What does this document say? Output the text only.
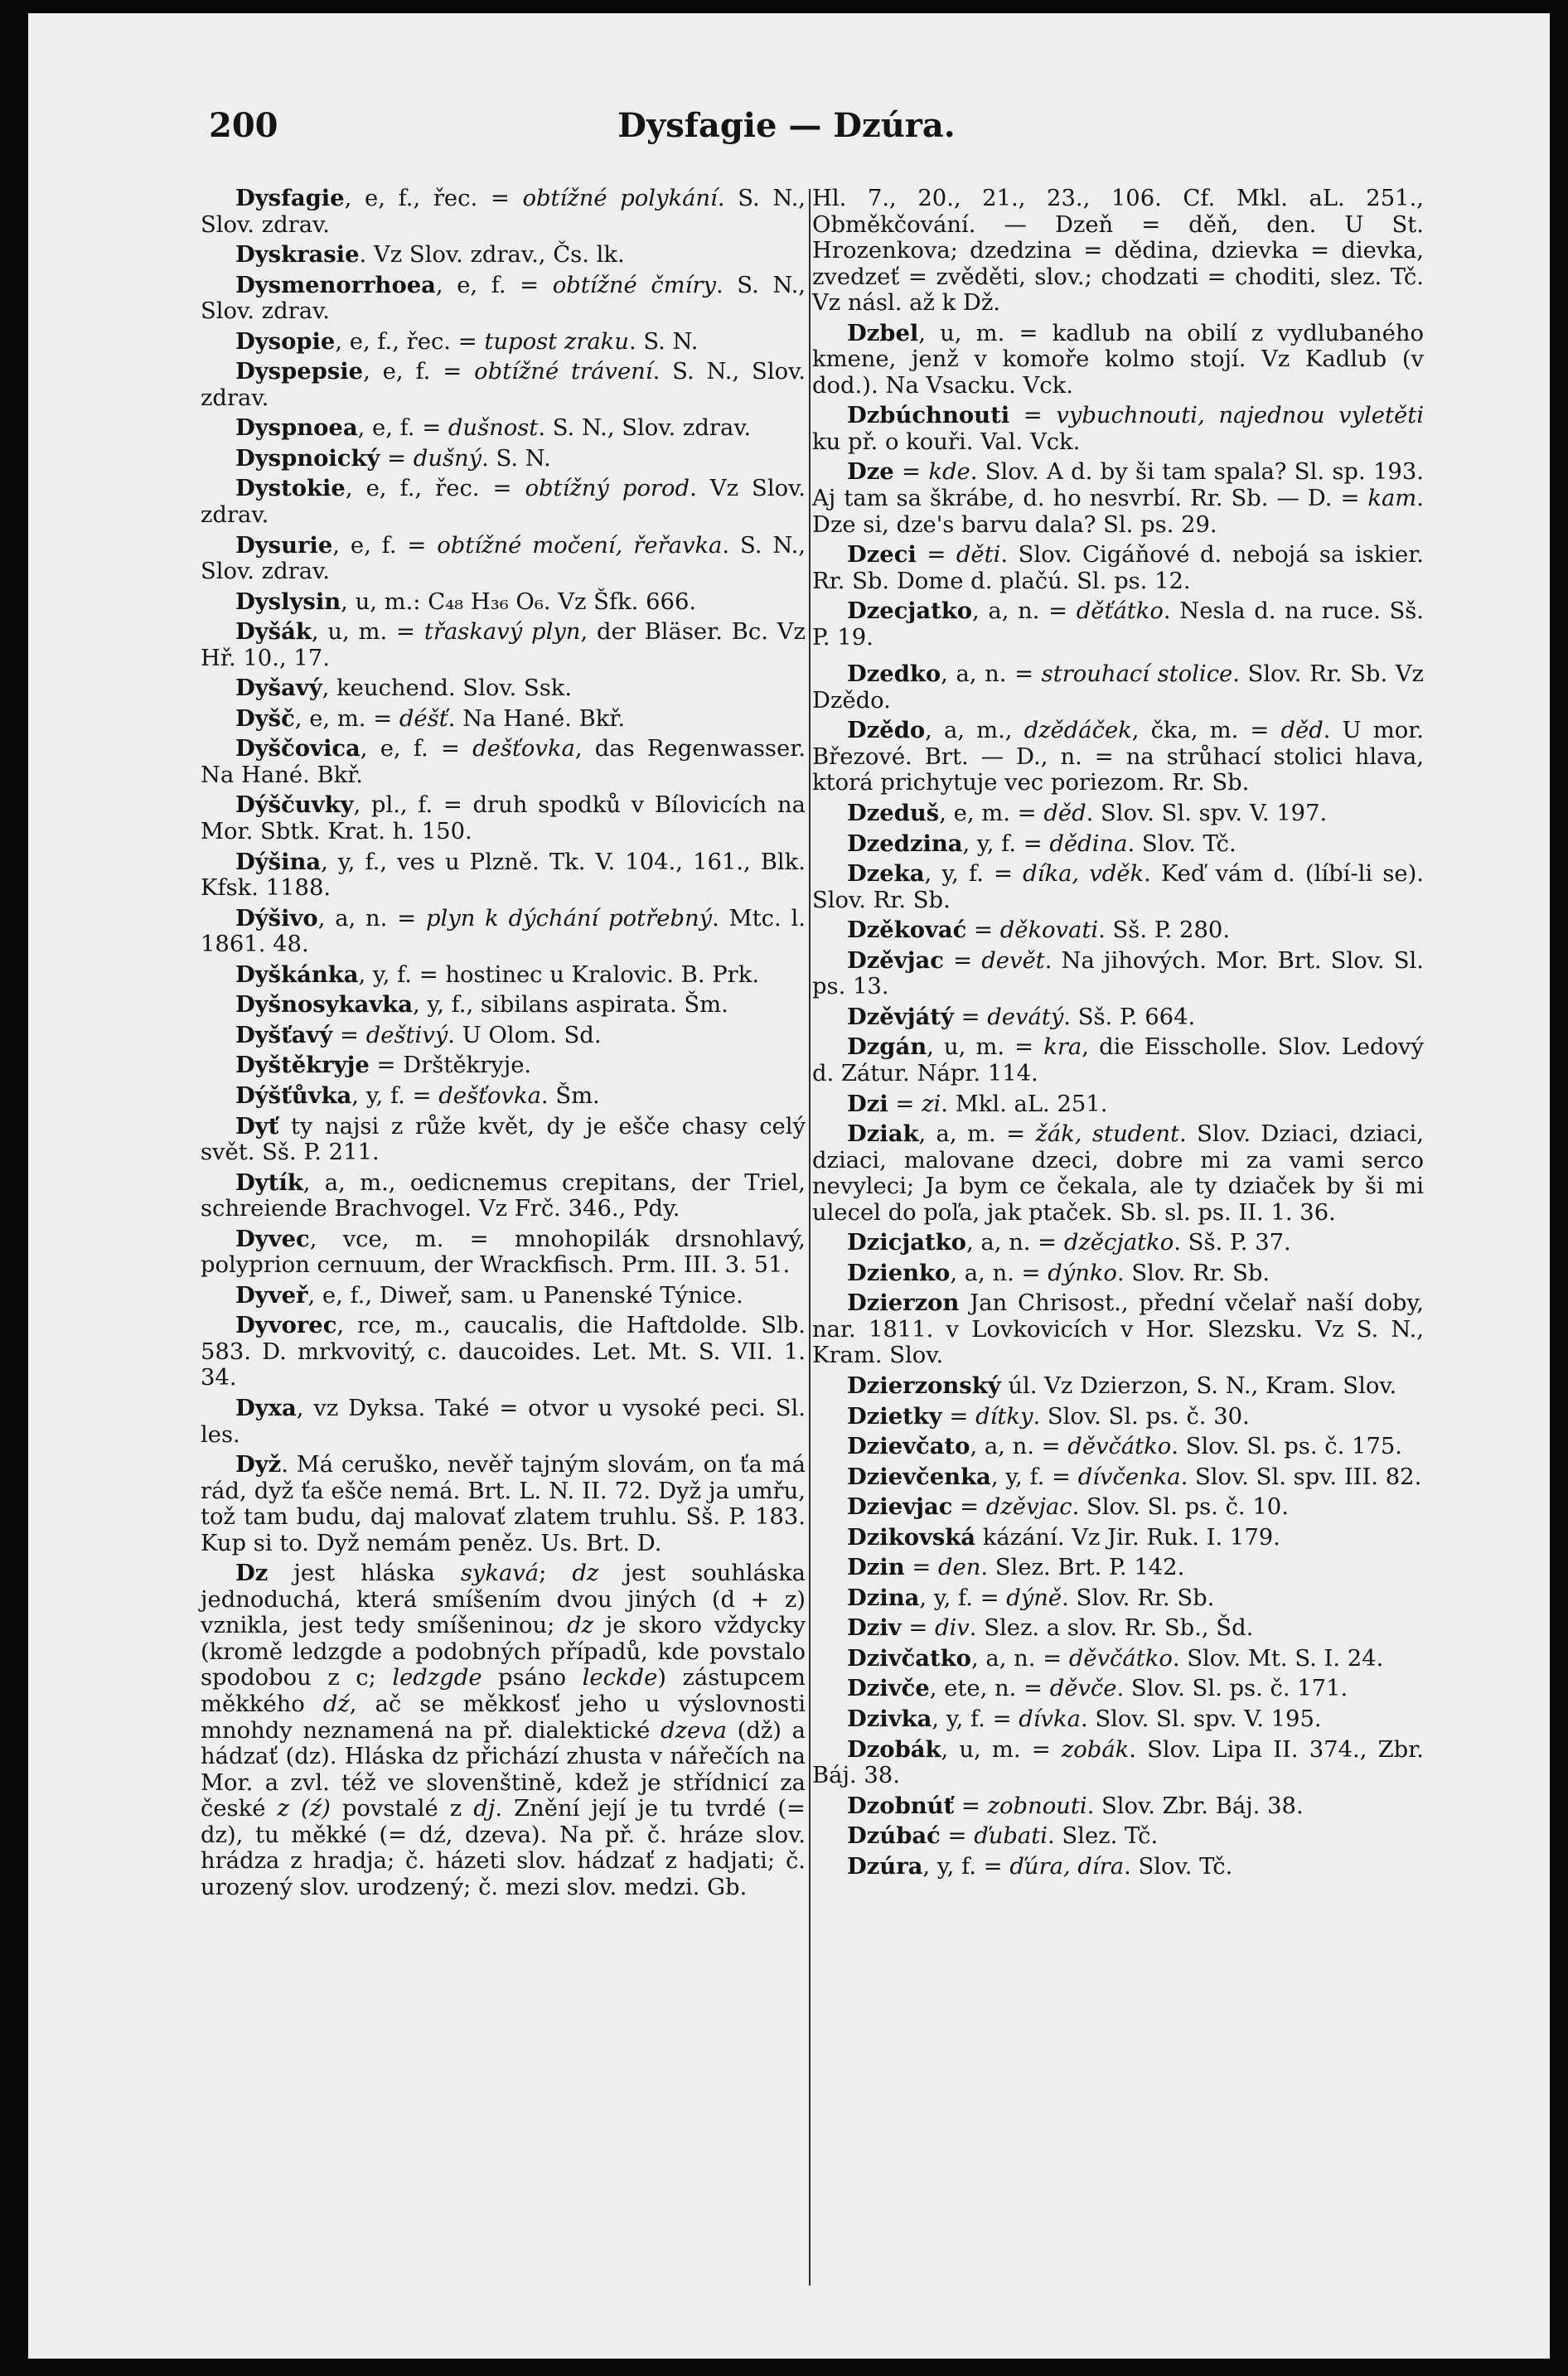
200	Dysfagie — Dzúra.

Dysfagie, e, f., řec. = obtížné polykání. S. N., Slov. zdrav.

Dyskrasie. Vz Slov. zdrav., Čs. lk.

Dysmenorrhoea, e, f. = obtížné čmíry. S. N., Slov. zdrav.

Dysopie, e, f., řec. = tupost zraku. S. N.

Dyspepsie, e, f. = obtížné trávení. S. N., Slov. zdrav.

Dyspnoea, e, f. = dušnost. S. N., Slov. zdrav.

Dyspnoický = dušný. S. N.

Dystokie, e, f., řec. = obtížný porod. Vz Slov. zdrav.

Dysurie, e, f. = obtížné močení, řeřavka. S. N., Slov. zdrav.

Dyslysin, u, m.: C₄₈ H₃₆ O₆. Vz Šfk. 666.

Dyšák, u, m. = třaskavý plyn, der Bläser. Bc. Vz Hř. 10., 17.

Dyšavý, keuchend. Slov. Ssk.

Dyšč, e, m. = déšť. Na Hané. Bkř.

Dyščovica, e, f. = dešťovka, das Regenwasser. Na Hané. Bkř.

Dýščuvky, pl., f. = druh spodků v Bílovicích na Mor. Sbtk. Krat. h. 150.

Dýšina, y, f., ves u Plzně. Tk. V. 104., 161., Blk. Kfsk. 1188.

Dýšivo, a, n. = plyn k dýchání potřebný. Mtc. l. 1861. 48.

Dyškánka, y, f. = hostinec u Kralovic. B. Prk.

Dyšnosykavka, y, f., sibilans aspirata. Šm.

Dyšťavý = deštivý. U Olom. Sd.

Dyštěkryje = Drštěkryje.

Dýšťůvka, y, f. = dešťovka. Šm.

Dyť ty najsi z růže květ, dy je ešče chasy celý svět. Sš. P. 211.

Dytík, a, m., oedicnemus crepitans, der Triel, schreiende Brachvogel. Vz Frč. 346., Pdy.

Dyvec, vce, m. = mnohopilák drsnohlavý, polyprion cernuum, der Wrackfisch. Prm. III. 3. 51.

Dyveř, e, f., Diweř, sam. u Panenské Týnice.

Dyvorec, rce, m., caucalis, die Haftdolde. Slb. 583. D. mrkvovitý, c. daucoides. Let. Mt. S. VII. 1. 34.

Dyxa, vz Dyksa. Také = otvor u vysoké peci. Sl. les.

Dyž. Má ceruško, nevěř tajným slovám, on ťa má rád, dyž ťa ešče nemá. Brt. L. N. II. 72. Dyž ja umřu, tož tam budu, daj malovať zlatem truhlu. Sš. P. 183. Kup si to. Dyž nemám peněz. Us. Brt. D.

Dz jest hláska sykavá; dz jest souhláska jednoduchá, která smíšením dvou jiných (d + z) vznikla, jest tedy smíšeninou; dz je skoro vždycky (kromě ledzgde a podobných případů, kde povstalo spodobou z c; ledzgde psáno leckde) zástupcem měkkého dź, ač se měkkosť jeho u výslovnosti mnohdy neznamená na př. dialektické dzeva (dž) a hádzať (dz). Hláska dz přichází zhusta v nářečích na Mor. a zvl. též ve slovenštině, kdež je střídnicí za české z (ź) povstalé z dj. Znění její je tu tvrdé (= dz), tu měkké (= dź, dzeva). Na př. č. hráze slov. hrádza z hradja; č. házeti slov. hádzať z hadjati; č. urozený slov. urodzený; č. mezi slov. medzi. Gb.

Hl. 7., 20., 21., 23., 106. Cf. Mkl. aL. 251., Obměkčování. — Dzeň = děň, den. U St. Hrozenkova; dzedzina = dědina, dzievka = dievka, zvedzeť = zvěděti, slov.; chodzati = choditi, slez. Tč. Vz násl. až k Dž.

Dzbel, u, m. = kadlub na obilí z vydlubaného kmene, jenž v komoře kolmo stojí. Vz Kadlub (v dod.). Na Vsacku. Vck.

Dzbúchnouti = vybuchnouti, najednou vyletěti ku př. o kouři. Val. Vck.

Dze = kde. Slov. A d. by ši tam spala? Sl. sp. 193. Aj tam sa škrábe, d. ho nesvrbí. Rr. Sb. — D. = kam. Dze si, dze's barvu dala? Sl. ps. 29.

Dzeci = děti. Slov. Cigáňové d. nebojá sa iskier. Rr. Sb. Dome d. plačú. Sl. ps. 12.

Dzecjatko, a, n. = děťátko. Nesla d. na ruce. Sš. P. 19.

Dzedko, a, n. = strouhací stolice. Slov. Rr. Sb. Vz Dzědo.

Dzědo, a, m., dzědáček, čka, m. = děd. U mor. Březové. Brt. — D., n. = na strůhací stolici hlava, ktorá prichytuje vec poriezom. Rr. Sb.

Dzeduš, e, m. = děd. Slov. Sl. spv. V. 197.

Dzedzina, y, f. = dědina. Slov. Tč.

Dzeka, y, f. = díka, vděk. Keď vám d. (líbí-li se). Slov. Rr. Sb.

Dzěkovać = děkovati. Sš. P. 280.

Dzěvjac = devět. Na jihových. Mor. Brt. Slov. Sl. ps. 13.

Dzěvjátý = devátý. Sš. P. 664.

Dzgán, u, m. = kra, die Eisscholle. Slov. Ledový d. Zátur. Nápr. 114.

Dzi = zi. Mkl. aL. 251.

Dziak, a, m. = žák, student. Slov. Dziaci, dziaci, dziaci, malovane dzeci, dobre mi za vami serco nevyleci; Ja bym ce čekala, ale ty dziaček by ši mi ulecel do poľa, jak ptaček. Sb. sl. ps. II. 1. 36.

Dzicjatko, a, n. = dzěcjatko. Sš. P. 37.

Dzienko, a, n. = dýnko. Slov. Rr. Sb.

Dzierzon Jan Chrisost., přední včelař naší doby, nar. 1811. v Lovkovicích v Hor. Slezsku. Vz S. N., Kram. Slov.

Dzierzonský úl. Vz Dzierzon, S. N., Kram. Slov.

Dzietky = dítky. Slov. Sl. ps. č. 30.

Dzievčato, a, n. = děvčátko. Slov. Sl. ps. č. 175.

Dzievčenka, y, f. = dívčenka. Slov. Sl. spv. III. 82.

Dzievjac = dzěvjac. Slov. Sl. ps. č. 10.

Dzikovská kázání. Vz Jir. Ruk. I. 179.

Dzin = den. Slez. Brt. P. 142.

Dzina, y, f. = dýně. Slov. Rr. Sb.

Dziv = div. Slez. a slov. Rr. Sb., Šd.

Dzivčatko, a, n. = děvčátko. Slov. Mt. S. I. 24.

Dzivče, ete, n. = děvče. Slov. Sl. ps. č. 171.

Dzivka, y, f. = dívka. Slov. Sl. spv. V. 195.

Dzobák, u, m. = zobák. Slov. Lipa II. 374., Zbr. Báj. 38.

Dzobnúť = zobnouti. Slov. Zbr. Báj. 38.

Dzúbać = ďubati. Slez. Tč.

Dzúra, y, f. = ďúra, díra. Slov. Tč.
